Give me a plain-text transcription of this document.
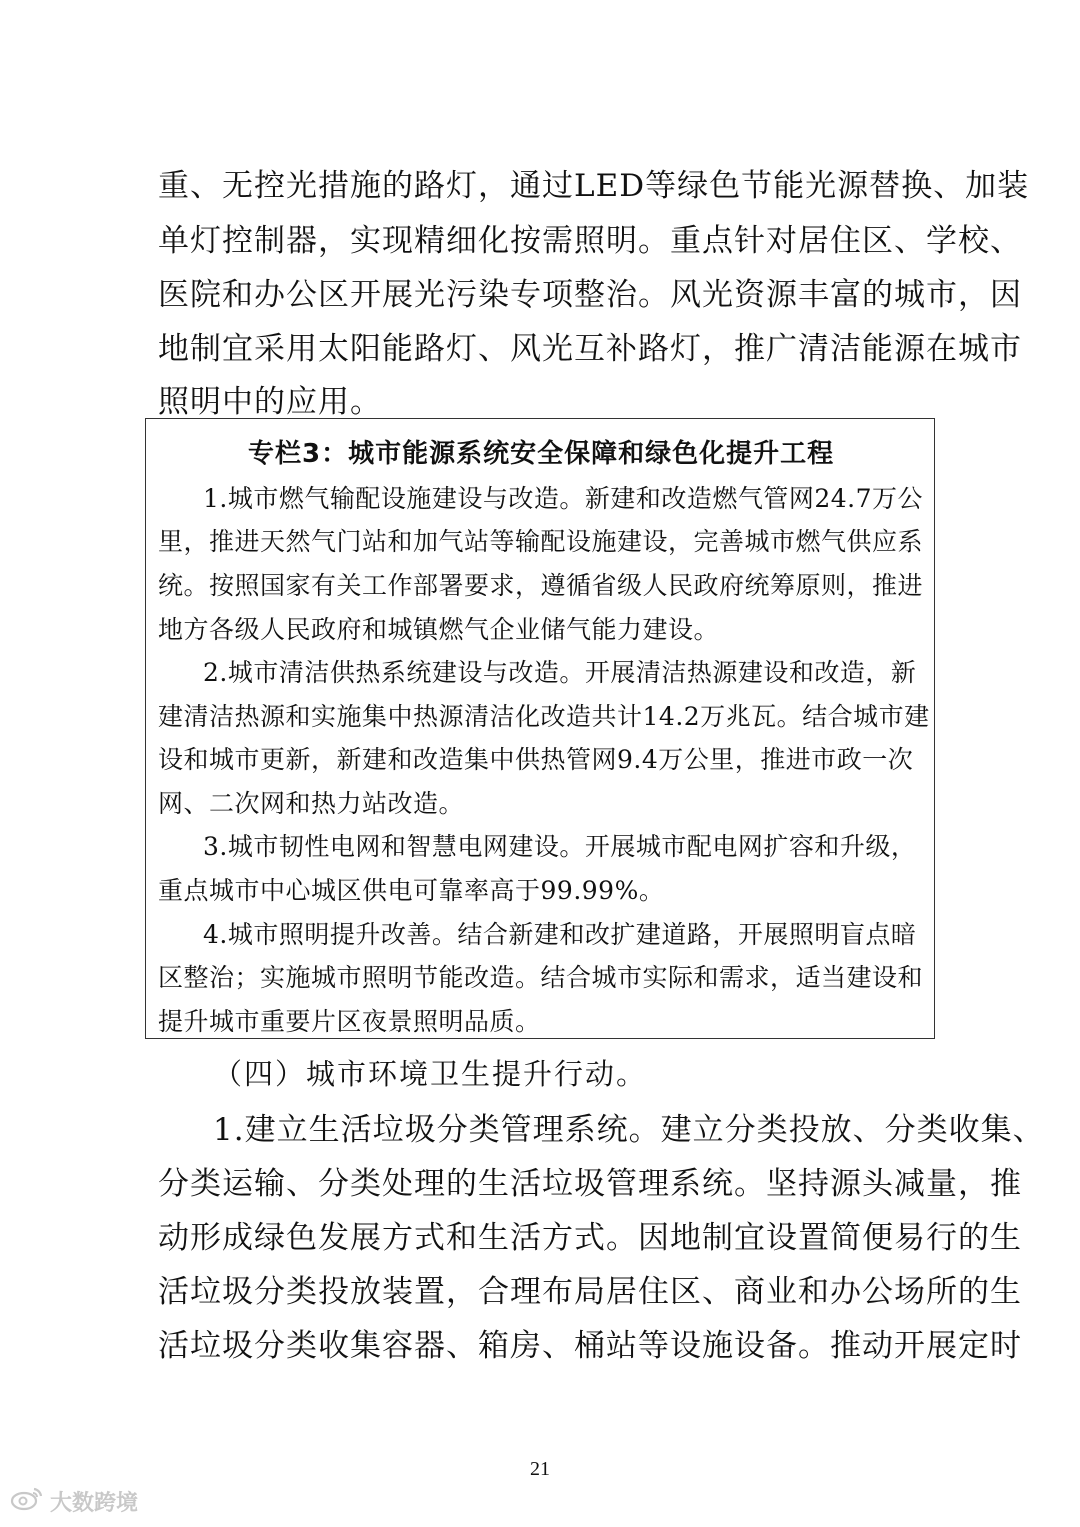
重、无控光措施的路灯，通过LED等绿色节能光源替换、加装
单灯控制器，实现精细化按需照明。重点针对居住区、学校、
医院和办公区开展光污染专项整治。风光资源丰富的城市，因
地制宜采用太阳能路灯、风光互补路灯，推广清洁能源在城市
照明中的应用。
专栏3：城市能源系统安全保障和绿色化提升工程
1.城市燃气输配设施建设与改造。新建和改造燃气管网24.7万公
里，推进天然气门站和加气站等输配设施建设，完善城市燃气供应系
统。按照国家有关工作部署要求，遵循省级人民政府统筹原则，推进
地方各级人民政府和城镇燃气企业储气能力建设。
2.城市清洁供热系统建设与改造。开展清洁热源建设和改造，新
建清洁热源和实施集中热源清洁化改造共计14.2万兆瓦。结合城市建
设和城市更新，新建和改造集中供热管网9.4万公里，推进市政一次
网、二次网和热力站改造。
3.城市韧性电网和智慧电网建设。开展城市配电网扩容和升级，
重点城市中心城区供电可靠率高于99.99%。
4.城市照明提升改善。结合新建和改扩建道路，开展照明盲点暗
区整治；实施城市照明节能改造。结合城市实际和需求，适当建设和
提升城市重要片区夜景照明品质。
（四）城市环境卫生提升行动。
1.建立生活垃圾分类管理系统。建立分类投放、分类收集、
分类运输、分类处理的生活垃圾管理系统。坚持源头减量，推
动形成绿色发展方式和生活方式。因地制宜设置简便易行的生
活垃圾分类投放装置，合理布局居住区、商业和办公场所的生
活垃圾分类收集容器、箱房、桶站等设施设备。推动开展定时
21
大数跨境
